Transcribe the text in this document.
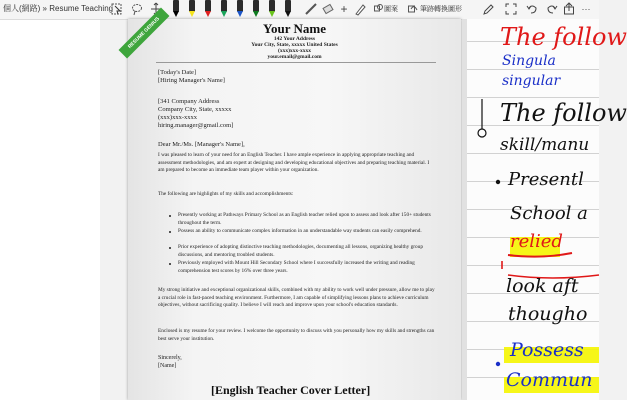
個人(網路) » Resume Teaching	+	圖案	筆跡轉換圖形	···
RESUME GENIUS	Your Name
142 Your Address
Your City, State, xxxxx United States
(xxx)xxx-xxxx
your.email@gmail.com
[Today's Date]
[Hiring Manager's Name]
[341 Company Address
Company City, State, xxxxx
(xxx)xxx-xxxx
hiring.manager@gmail.com]
Dear Mr./Ms. [Manager's Name],
I was pleased to learn of your need for an English Teacher. I have ample experience in applying appropriate teaching and assessment methodologies, and am expert at designing and developing educational objectives and preparing teaching material. I am prepared to become an immediate team player within your organization.
The following are highlights of my skills and accomplishments:
Presently working at Pathways Primary School as an English teacher relied upon to assess and look after 150+ students throughout the term.
Possess an ability to communicate complex information in an understandable way students can easily comprehend.
Prior experience of adopting distinctive teaching methodologies, documenting all lessons, organizing healthy group discussions, and mentoring troubled students.
Previously employed with Mount Hill Secondary School where I successfully increased the writing and reading comprehension test scores by 16% over three years.
My strong initiative and exceptional organizational skills, combined with my ability to work well under pressure, allow me to play a crucial role in fast-paced teaching environment. Furthermore, I am capable of simplifying lessons plans to achieve curriculum objectives, without sacrificing quality. I believe I will reach and improve upon your school's education standards.
Enclosed is my resume for your review. I welcome the opportunity to discuss with you personally how my skills and strengths can best serve your institution.
Sincerely,
[Name]
[English Teacher Cover Letter]
The follow
Singula
singular
The follow
skill/manu
Presentl
School a
relied
look aft
thougho
Possess
Commun
